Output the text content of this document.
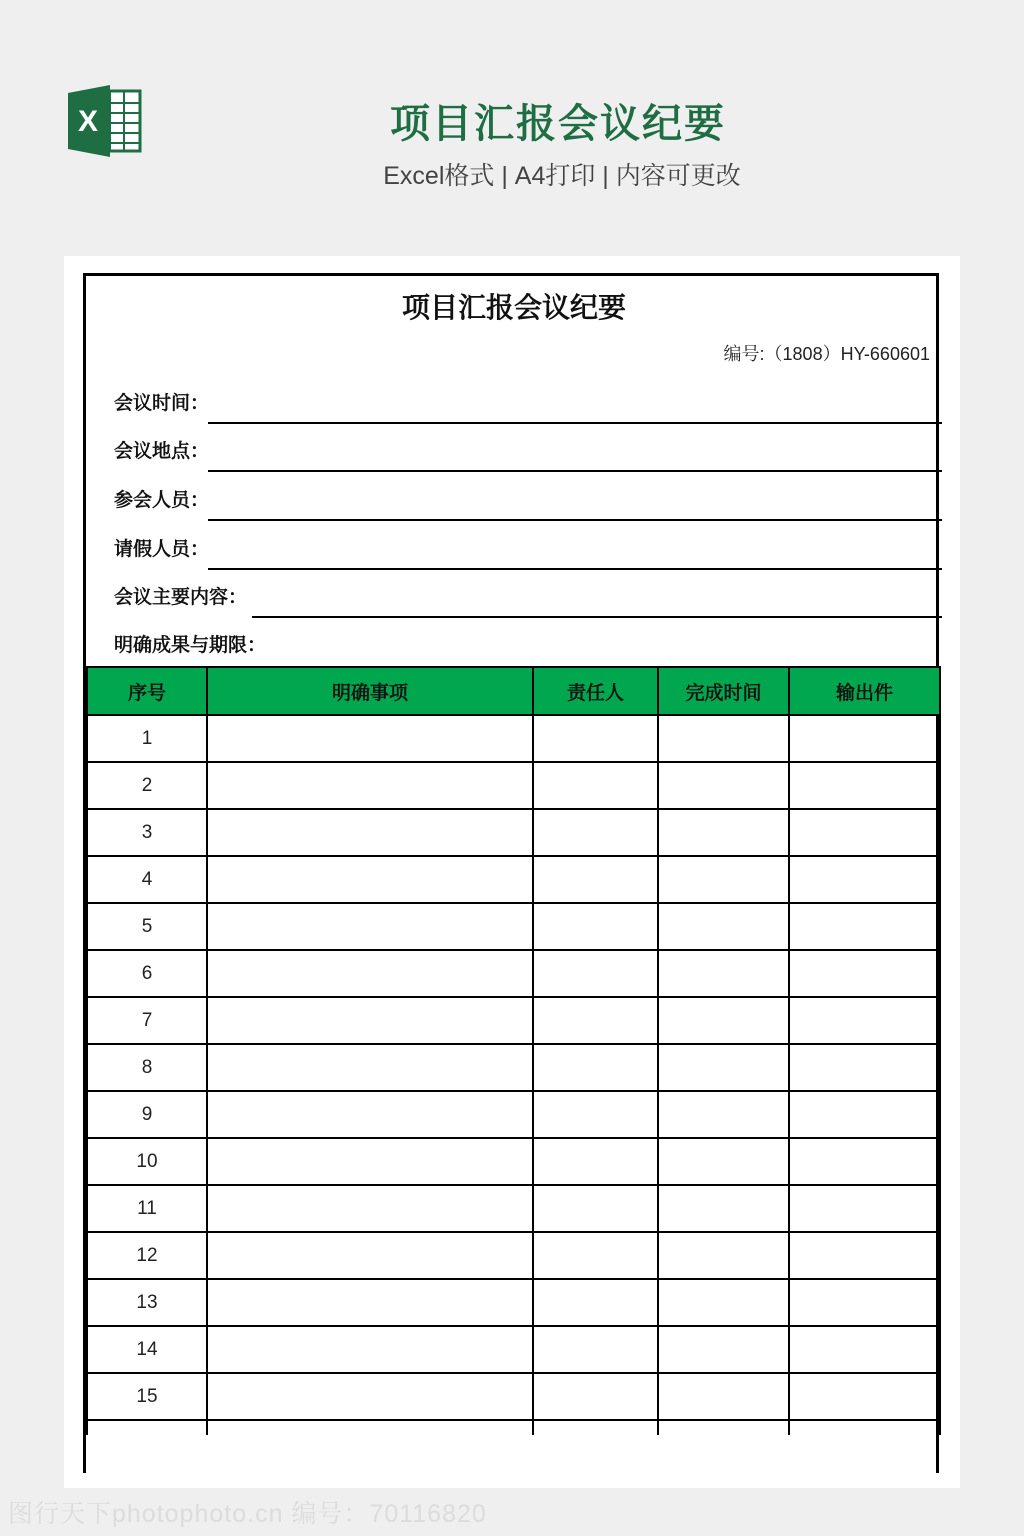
X	项目汇报会议纪要
Excel格式 | A4打印 | 内容可更改
项目汇报会议纪要
编号:（1808）HY-660601
会议时间：
会议地点：
参会人员：
请假人员：
会议主要内容：
明确成果与期限：
序号	明确事项	责任人	完成时间	输出件
1				
2				
3				
4				
5				
6				
7				
8				
9				
10				
11				
12				
13				
14				
15				

图行天下photophoto.cn 编号：70116820
